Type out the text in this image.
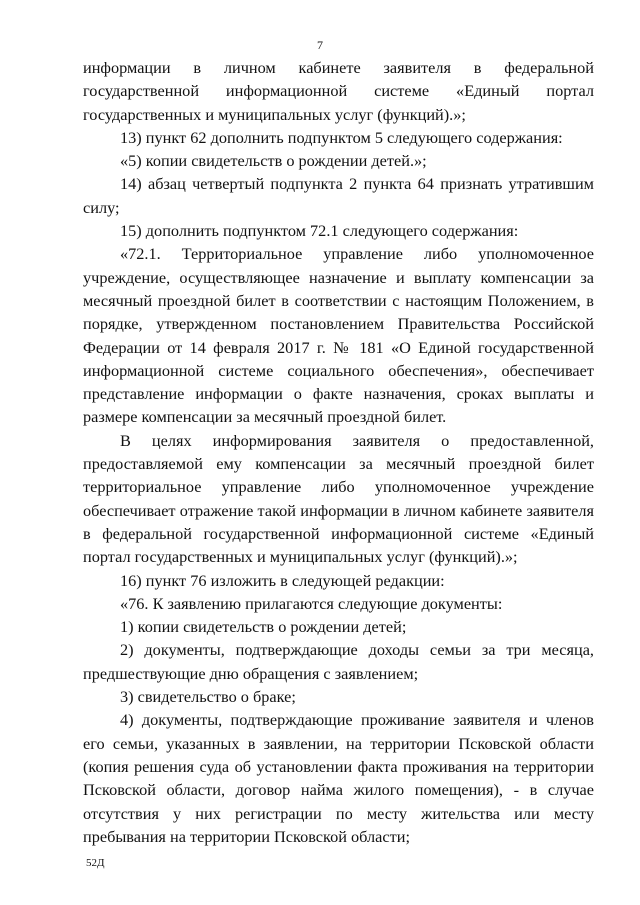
7

информации в личном кабинете заявителя в федеральной государственной информационной системе «Единый портал государственных и муниципальных услуг (функций).»;

13) пункт 62 дополнить подпунктом 5 следующего содержания:

«5) копии свидетельств о рождении детей.»;

14) абзац четвертый подпункта 2 пункта 64 признать утратившим силу;

15) дополнить подпунктом 72.1 следующего содержания:

«72.1. Территориальное управление либо уполномоченное учреждение, осуществляющее назначение и выплату компенсации за месячный проездной билет в соответствии с настоящим Положением, в порядке, утвержденном постановлением Правительства Российской Федерации от 14 февраля 2017 г. № 181 «О Единой государственной информационной системе социального обеспечения», обеспечивает представление информации о факте назначения, сроках выплаты и размере компенсации за месячный проездной билет.

В целях информирования заявителя о предоставленной, предоставляемой ему компенсации за месячный проездной билет территориальное управление либо уполномоченное учреждение обеспечивает отражение такой информации в личном кабинете заявителя в федеральной государственной информационной системе «Единый портал государственных и муниципальных услуг (функций).»;

16) пункт 76 изложить в следующей редакции:

«76. К заявлению прилагаются следующие документы:

1) копии свидетельств о рождении детей;

2) документы, подтверждающие доходы семьи за три месяца, предшествующие дню обращения с заявлением;

3) свидетельство о браке;

4) документы, подтверждающие проживание заявителя и членов его семьи, указанных в заявлении, на территории Псковской области (копия решения суда об установлении факта проживания на территории Псковской области, договор найма жилого помещения), - в случае отсутствия у них регистрации по месту жительства или месту пребывания на территории Псковской области;

52Д
